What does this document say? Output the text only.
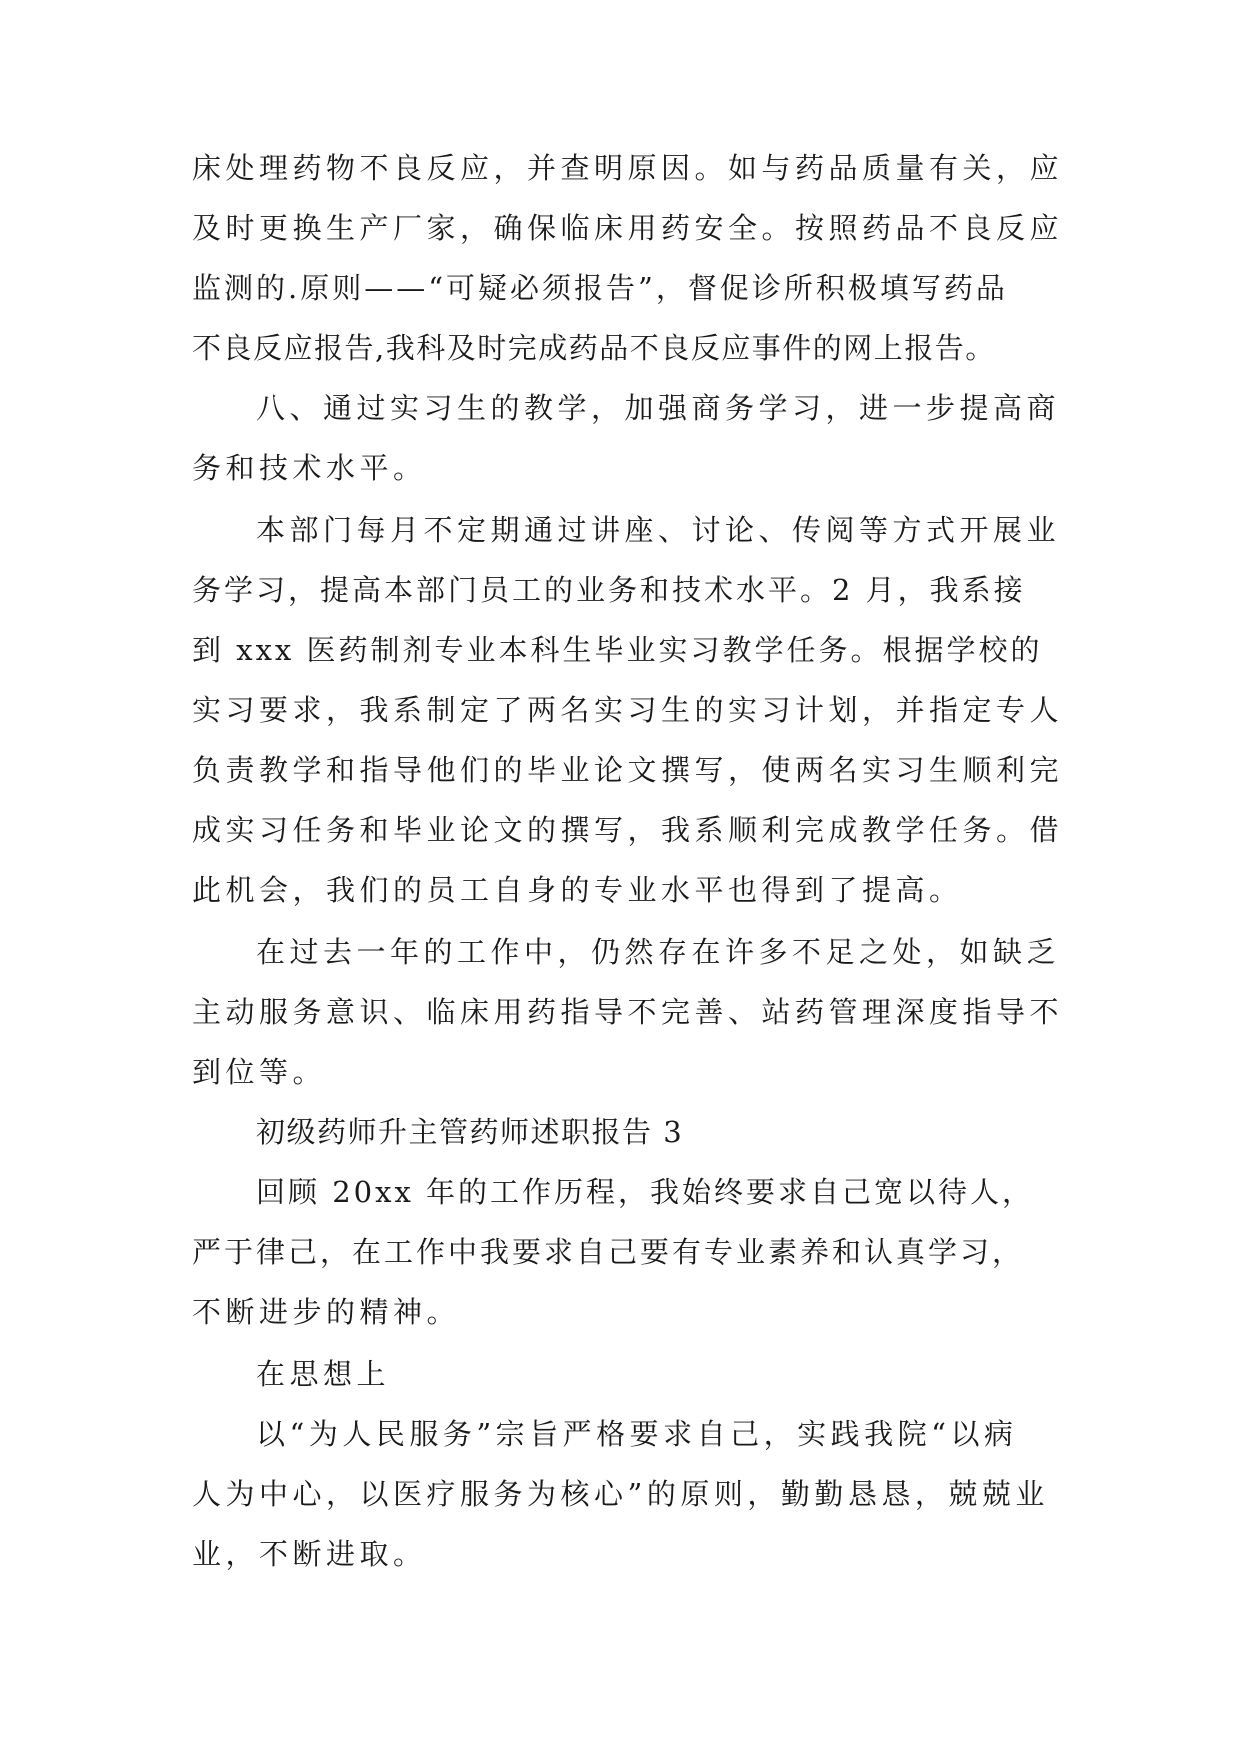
床处理药物不良反应，并查明原因。如与药品质量有关，应

及时更换生产厂家，确保临床用药安全。按照药品不良反应

监测的.原则——“可疑必须报告”，督促诊所积极填写药品

不良反应报告,我科及时完成药品不良反应事件的网上报告。

八、通过实习生的教学，加强商务学习，进一步提高商

务和技术水平。

本部门每月不定期通过讲座、讨论、传阅等方式开展业

务学习，提高本部门员工的业务和技术水平。2 月，我系接

到 xxx 医药制剂专业本科生毕业实习教学任务。根据学校的

实习要求，我系制定了两名实习生的实习计划，并指定专人

负责教学和指导他们的毕业论文撰写，使两名实习生顺利完

成实习任务和毕业论文的撰写，我系顺利完成教学任务。借

此机会，我们的员工自身的专业水平也得到了提高。

在过去一年的工作中，仍然存在许多不足之处，如缺乏

主动服务意识、临床用药指导不完善、站药管理深度指导不

到位等。

初级药师升主管药师述职报告 3

回顾 20xx 年的工作历程，我始终要求自己宽以待人，

严于律己，在工作中我要求自己要有专业素养和认真学习，

不断进步的精神。

在思想上

以“为人民服务”宗旨严格要求自己，实践我院“以病

人为中心，以医疗服务为核心”的原则，勤勤恳恳，兢兢业

业，不断进取。
